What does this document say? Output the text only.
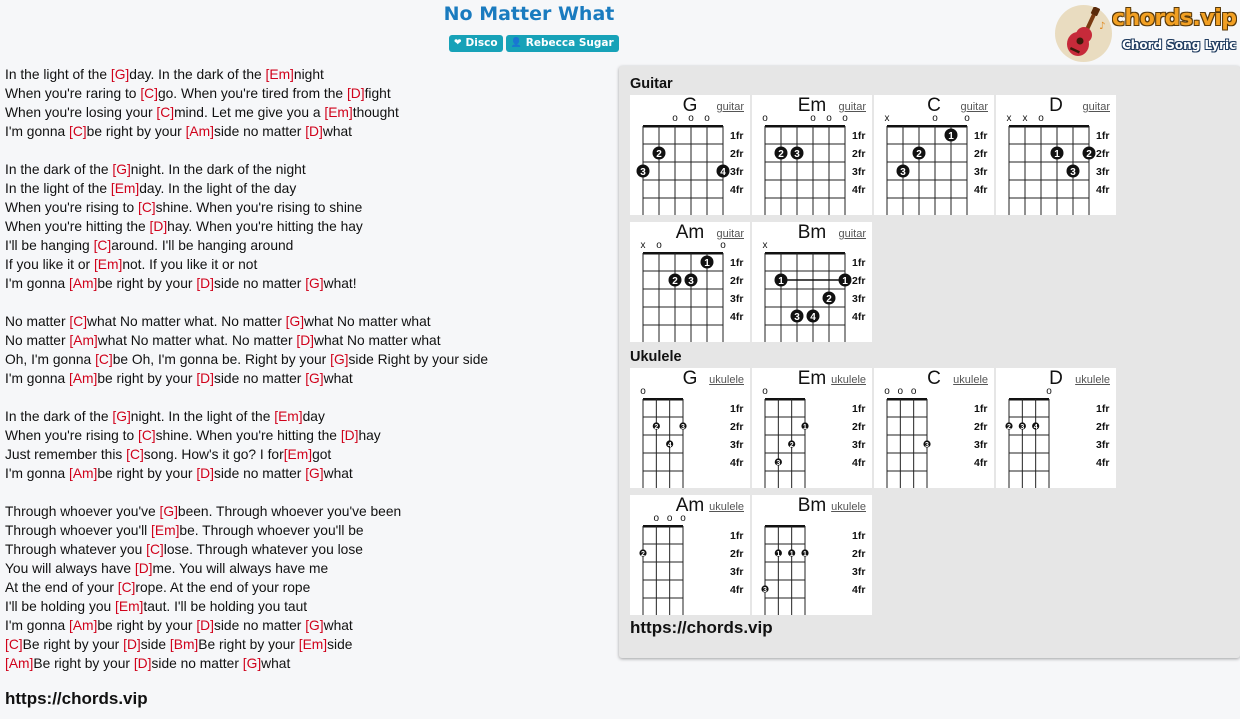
No Matter What
❤ Disco 👤 Rebecca Sugar
♪ chords.vip
Chord Song Lyric
In the light of the [G]day. In the dark of the [Em]night
When you're raring to [C]go. When you're tired from the [D]fight
When you're losing your [C]mind. Let me give you a [Em]thought
I'm gonna [C]be right by your [Am]side no matter [D]what
In the dark of the [G]night. In the dark of the night
In the light of the [Em]day. In the light of the day
When you're rising to [C]shine. When you're rising to shine
When you're hitting the [D]hay. When you're hitting the hay
I'll be hanging [C]around. I'll be hanging around
If you like it or [Em]not. If you like it or not
I'm gonna [Am]be right by your [D]side no matter [G]what!
No matter [C]what No matter what. No matter [G]what No matter what
No matter [Am]what No matter what. No matter [D]what No matter what
Oh, I'm gonna [C]be Oh, I'm gonna be. Right by your [G]side Right by your side
I'm gonna [Am]be right by your [D]side no matter [G]what
In the dark of the [G]night. In the light of the [Em]day
When you're rising to [C]shine. When you're hitting the [D]hay
Just remember this [C]song. How's it go? I for[Em]got
I'm gonna [Am]be right by your [D]side no matter [G]what
Through whoever you've [G]been. Through whoever you've been
Through whoever you'll [Em]be. Through whoever you'll be
Through whatever you [C]lose. Through whatever you lose
You will always have [D]me. You will always have me
At the end of your [C]rope. At the end of your rope
I'll be holding you [Em]taut. I'll be holding you taut
I'm gonna [Am]be right by your [D]side no matter [G]what
[C]Be right by your [D]side [Bm]Be right by your [Em]side
[Am]Be right by your [D]side no matter [G]what
https://chords.vip
Guitar
o o o
1fr
2fr
3fr
4fr
2
3	4
G	guitar
o	o o o
1fr
2fr
3fr
4fr
2 3
Em	guitar
x	o	o
1fr
2fr
3fr
4fr
1
2
3
C	guitar
x x o
1fr
2fr
3fr
4fr
1	2
3
D	guitar
x o	o
1fr
2fr
3fr
4fr
1
2 3
Am	guitar
x
1fr
2fr
3fr
4fr
1	1
2
3 4
Bm	guitar
Ukulele
o
1fr
2fr
3fr
4fr
2	3
4
G	ukulele
o
1fr
2fr
3fr
4fr
1
2
3
Em ukulele
o o o
1fr
2fr
3fr
4fr
3
C	ukulele
o
1fr
2fr
3fr
4fr
2 3 4
D	ukulele
o o o
1fr
2fr
3fr
4fr
2
Am ukulele
1fr
2fr
3fr
4fr
1 1 1
3
Bm ukulele
https://chords.vip
